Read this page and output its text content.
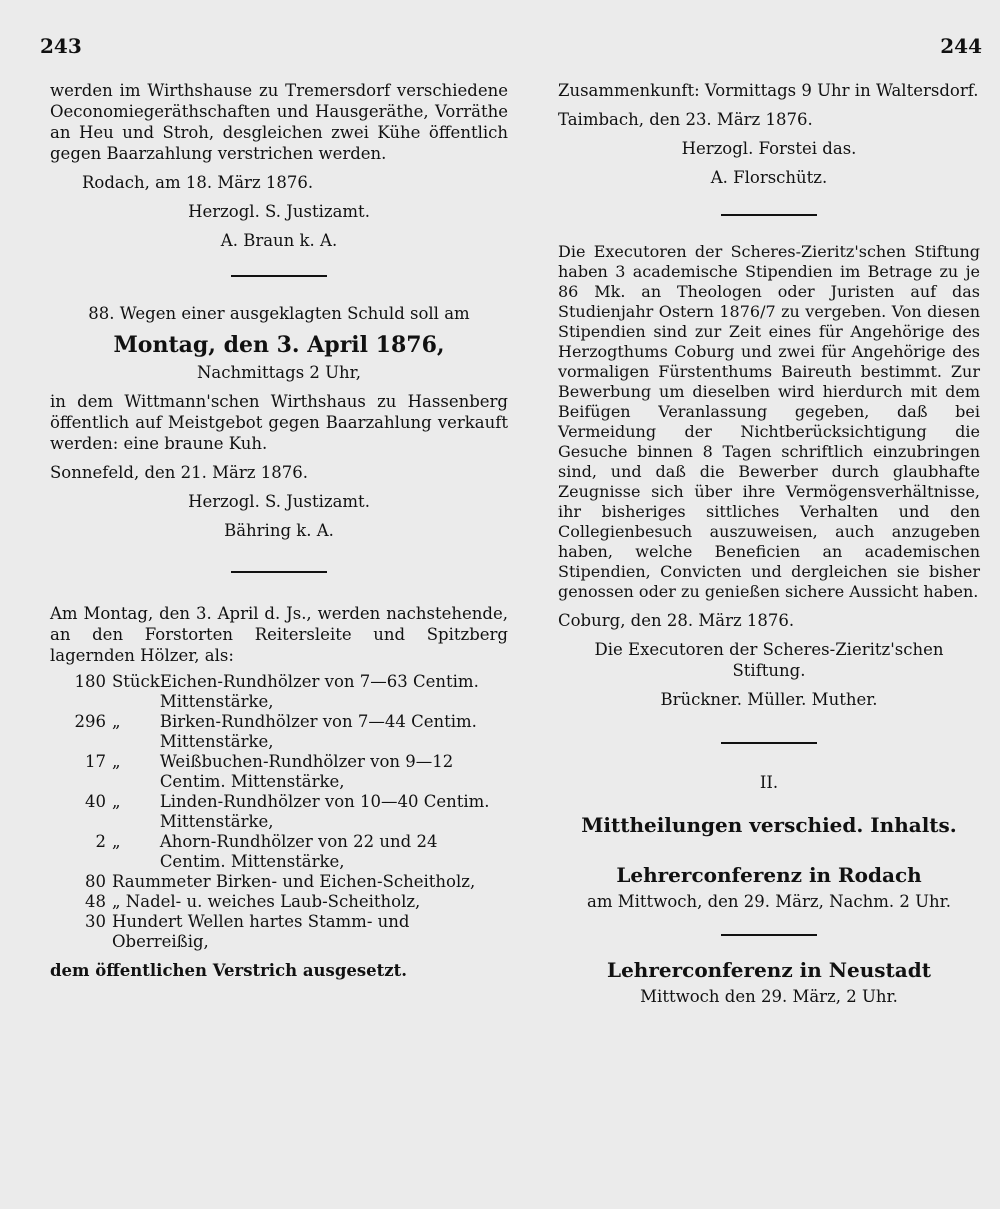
243	244

werden im Wirthshause zu Tremersdorf verschiedene Oeconomiegeräthschaften und Hausgeräthe, Vorräthe an Heu und Stroh, desgleichen zwei Kühe öffentlich gegen Baarzahlung verstrichen werden.

Rodach, am 18. März 1876.

Herzogl. S. Justizamt.

A. Braun k. A.

88. Wegen einer ausgeklagten Schuld soll am

Montag, den 3. April 1876,

Nachmittags 2 Uhr,

in dem Wittmann'schen Wirthshaus zu Hassenberg öffentlich auf Meistgebot gegen Baarzahlung verkauft werden: eine braune Kuh.

Sonnefeld, den 21. März 1876.

Herzogl. S. Justizamt.

Bähring k. A.

Am Montag, den 3. April d. Js., werden nachstehende, an den Forstorten Reitersleite und Spitzberg lagernden Hölzer, als:

180	Stück	Eichen-Rundhölzer von 7—63 Centim. Mittenstärke,
296	„	Birken-Rundhölzer von 7—44 Centim. Mittenstärke,
17	„	Weißbuchen-Rundhölzer von 9—12 Centim. Mittenstärke,
40	„	Linden-Rundhölzer von 10—40 Centim. Mittenstärke,
2	„	Ahorn-Rundhölzer von 22 und 24 Centim. Mittenstärke,
80	Raummeter Birken- und Eichen-Scheitholz,	
48	„ Nadel- u. weiches Laub-Scheitholz,	
30	Hundert Wellen hartes Stamm- und Oberreißig,	

dem öffentlichen Verstrich ausgesetzt.

Zusammenkunft: Vormittags 9 Uhr in Waltersdorf.

Taimbach, den 23. März 1876.

Herzogl. Forstei das.

A. Florschütz.

Die Executoren der Scheres-Zieritz'schen Stiftung haben 3 academische Stipendien im Betrage zu je 86 Mk. an Theologen oder Juristen auf das Studienjahr Ostern 1876/7 zu vergeben. Von diesen Stipendien sind zur Zeit eines für Angehörige des Herzogthums Coburg und zwei für Angehörige des vormaligen Fürstenthums Baireuth bestimmt. Zur Bewerbung um dieselben wird hierdurch mit dem Beifügen Veranlassung gegeben, daß bei Vermeidung der Nichtberücksichtigung die Gesuche binnen 8 Tagen schriftlich einzubringen sind, und daß die Bewerber durch glaubhafte Zeugnisse sich über ihre Vermögensverhältnisse, ihr bisheriges sittliches Verhalten und den Collegienbesuch auszuweisen, auch anzugeben haben, welche Beneficien an academischen Stipendien, Convicten und dergleichen sie bisher genossen oder zu genießen sichere Aussicht haben.

Coburg, den 28. März 1876.

Die Executoren der Scheres-Zieritz'schen Stiftung.

Brückner. Müller. Muther.

II.

Mittheilungen verschied. Inhalts.

Lehrerconferenz in Rodach

am Mittwoch, den 29. März, Nachm. 2 Uhr.

Lehrerconferenz in Neustadt

Mittwoch den 29. März, 2 Uhr.
